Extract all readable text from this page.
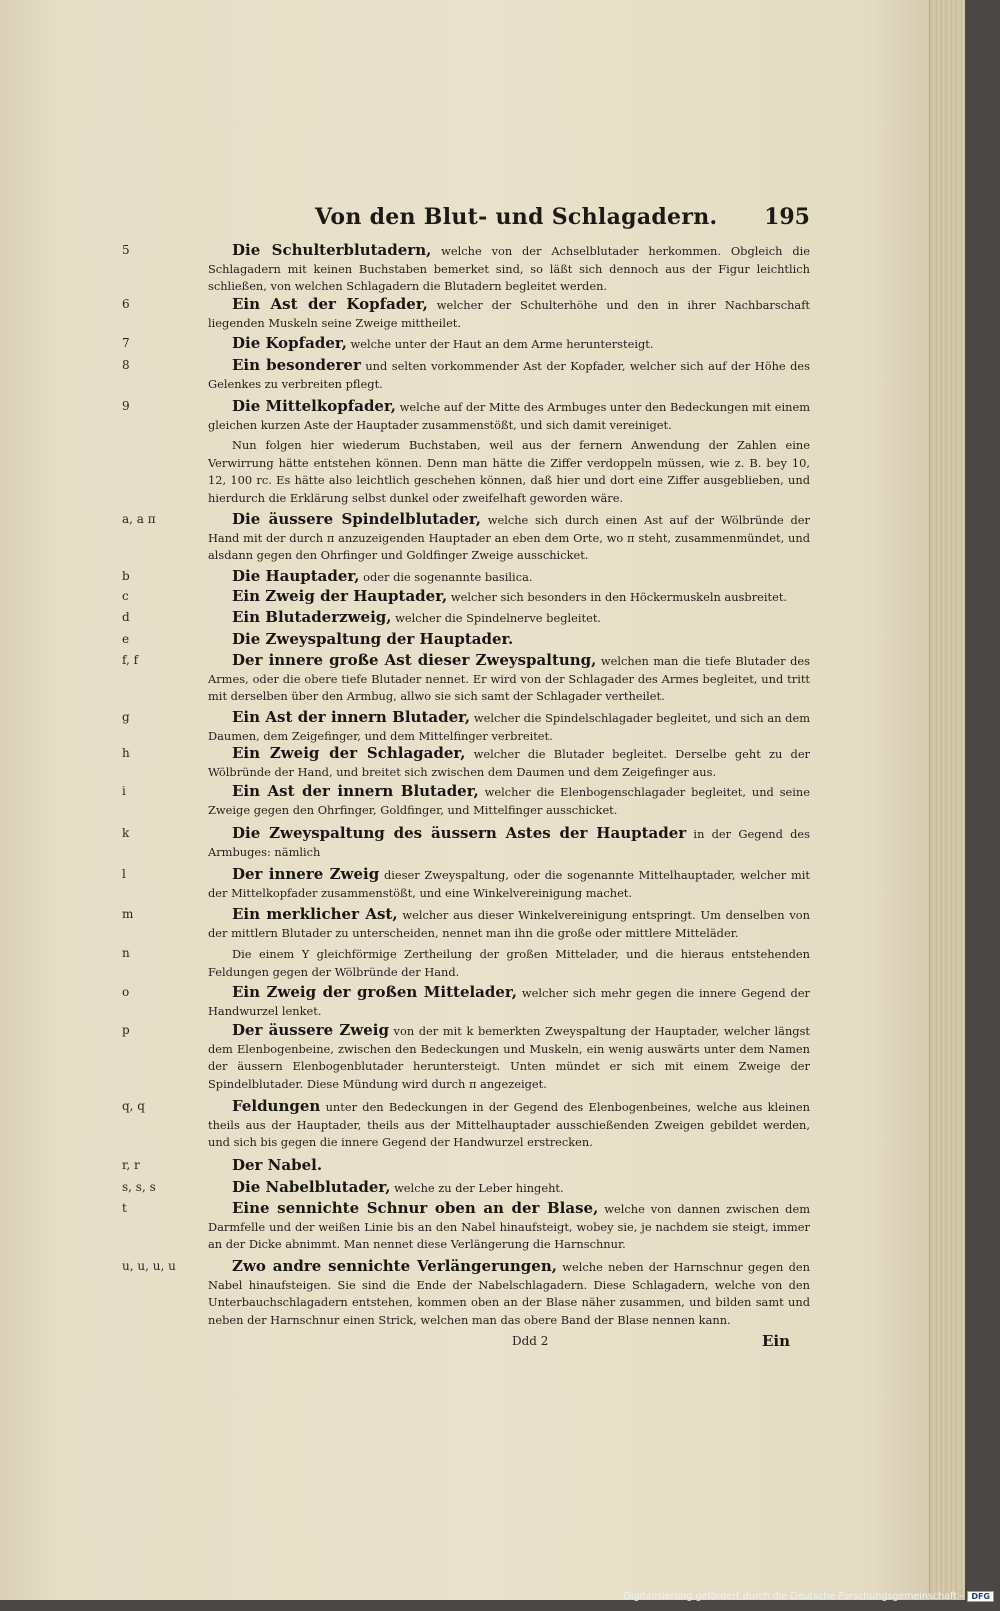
Von den Blut- und Schlagadern. 195
5	Die Schulterblutadern, welche von der Achselblutader herkommen. Obgleich die Schlagadern mit keinen Buchstaben bemerket sind, so läßt sich dennoch aus der Figur leichtlich schließen, von welchen Schlagadern die Blutadern begleitet werden.
6	Ein Ast der Kopfader, welcher der Schulterhöhe und den in ihrer Nachbarschaft liegenden Muskeln seine Zweige mittheilet.
7	Die Kopfader, welche unter der Haut an dem Arme heruntersteigt.
8	Ein besonderer und selten vorkommender Ast der Kopfader, welcher sich auf der Höhe des Gelenkes zu verbreiten pflegt.
9	Die Mittelkopfader, welche auf der Mitte des Armbuges unter den Bedeckungen mit einem gleichen kurzen Aste der Hauptader zusammenstößt, und sich damit vereiniget.
Nun folgen hier wiederum Buchstaben, weil aus der fernern Anwendung der Zahlen eine Verwirrung hätte entstehen können. Denn man hätte die Ziffer verdoppeln müssen, wie z. B. bey 10, 12, 100 rc. Es hätte also leichtlich geschehen können, daß hier und dort eine Ziffer ausgeblieben, und hierdurch die Erklärung selbst dunkel oder zweifelhaft geworden wäre.
a, a π	Die äussere Spindelblutader, welche sich durch einen Ast auf der Wölbründe der Hand mit der durch π anzuzeigenden Hauptader an eben dem Orte, wo π steht, zusammenmündet, und alsdann gegen den Ohrfinger und Goldfinger Zweige ausschicket.
b	Die Hauptader, oder die sogenannte basilica.
c	Ein Zweig der Hauptader, welcher sich besonders in den Höckermuskeln ausbreitet.
d	Ein Blutaderzweig, welcher die Spindelnerve begleitet.
e	Die Zweyspaltung der Hauptader.
f, f	Der innere große Ast dieser Zweyspaltung, welchen man die tiefe Blutader des Armes, oder die obere tiefe Blutader nennet. Er wird von der Schlagader des Armes begleitet, und tritt mit derselben über den Armbug, allwo sie sich samt der Schlagader vertheilet.
g	Ein Ast der innern Blutader, welcher die Spindelschlagader begleitet, und sich an dem Daumen, dem Zeigefinger, und dem Mittelfinger verbreitet.
h	Ein Zweig der Schlagader, welcher die Blutader begleitet. Derselbe geht zu der Wölbründe der Hand, und breitet sich zwischen dem Daumen und dem Zeigefinger aus.
i	Ein Ast der innern Blutader, welcher die Elenbogenschlagader begleitet, und seine Zweige gegen den Ohrfinger, Goldfinger, und Mittelfinger ausschicket.
k	Die Zweyspaltung des äussern Astes der Hauptader in der Gegend des Armbuges: nämlich
l	Der innere Zweig dieser Zweyspaltung, oder die sogenannte Mittelhauptader, welcher mit der Mittelkopfader zusammenstößt, und eine Winkelvereinigung machet.
m	Ein merklicher Ast, welcher aus dieser Winkelvereinigung entspringt. Um denselben von der mittlern Blutader zu unterscheiden, nennet man ihn die große oder mittlere Mitteläder.
n	Die einem Y gleichförmige Zertheilung der großen Mittelader, und die hieraus entstehenden Feldungen gegen der Wölbründe der Hand.
o	Ein Zweig der großen Mittelader, welcher sich mehr gegen die innere Gegend der Handwurzel lenket.
p	Der äussere Zweig von der mit k bemerkten Zweyspaltung der Hauptader, welcher längst dem Elenbogenbeine, zwischen den Bedeckungen und Muskeln, ein wenig auswärts unter dem Namen der äussern Elenbogenblutader heruntersteigt. Unten mündet er sich mit einem Zweige der Spindelblutader. Diese Mündung wird durch π angezeiget.
q, q	Feldungen unter den Bedeckungen in der Gegend des Elenbogenbeines, welche aus kleinen theils aus der Hauptader, theils aus der Mittelhauptader ausschießenden Zweigen gebildet werden, und sich bis gegen die innere Gegend der Handwurzel erstrecken.
r, r	Der Nabel.
s, s, s	Die Nabelblutader, welche zu der Leber hingeht.
t	Eine sennichte Schnur oben an der Blase, welche von dannen zwischen dem Darmfelle und der weißen Linie bis an den Nabel hinaufsteigt, wobey sie, je nachdem sie steigt, immer an der Dicke abnimmt. Man nennet diese Verlängerung die Harnschnur.
u, u, u, u	Zwo andre sennichte Verlängerungen, welche neben der Harnschnur gegen den Nabel hinaufsteigen. Sie sind die Ende der Nabelschlagadern. Diese Schlagadern, welche von den Unterbauchschlagadern entstehen, kommen oben an der Blase näher zusammen, und bilden samt und neben der Harnschnur einen Strick, welchen man das obere Band der Blase nennen kann.
Ddd 2	Ein
Digitalisierung gefördert durch die Deutsche Forschungsgemeinschaft -	DFG
